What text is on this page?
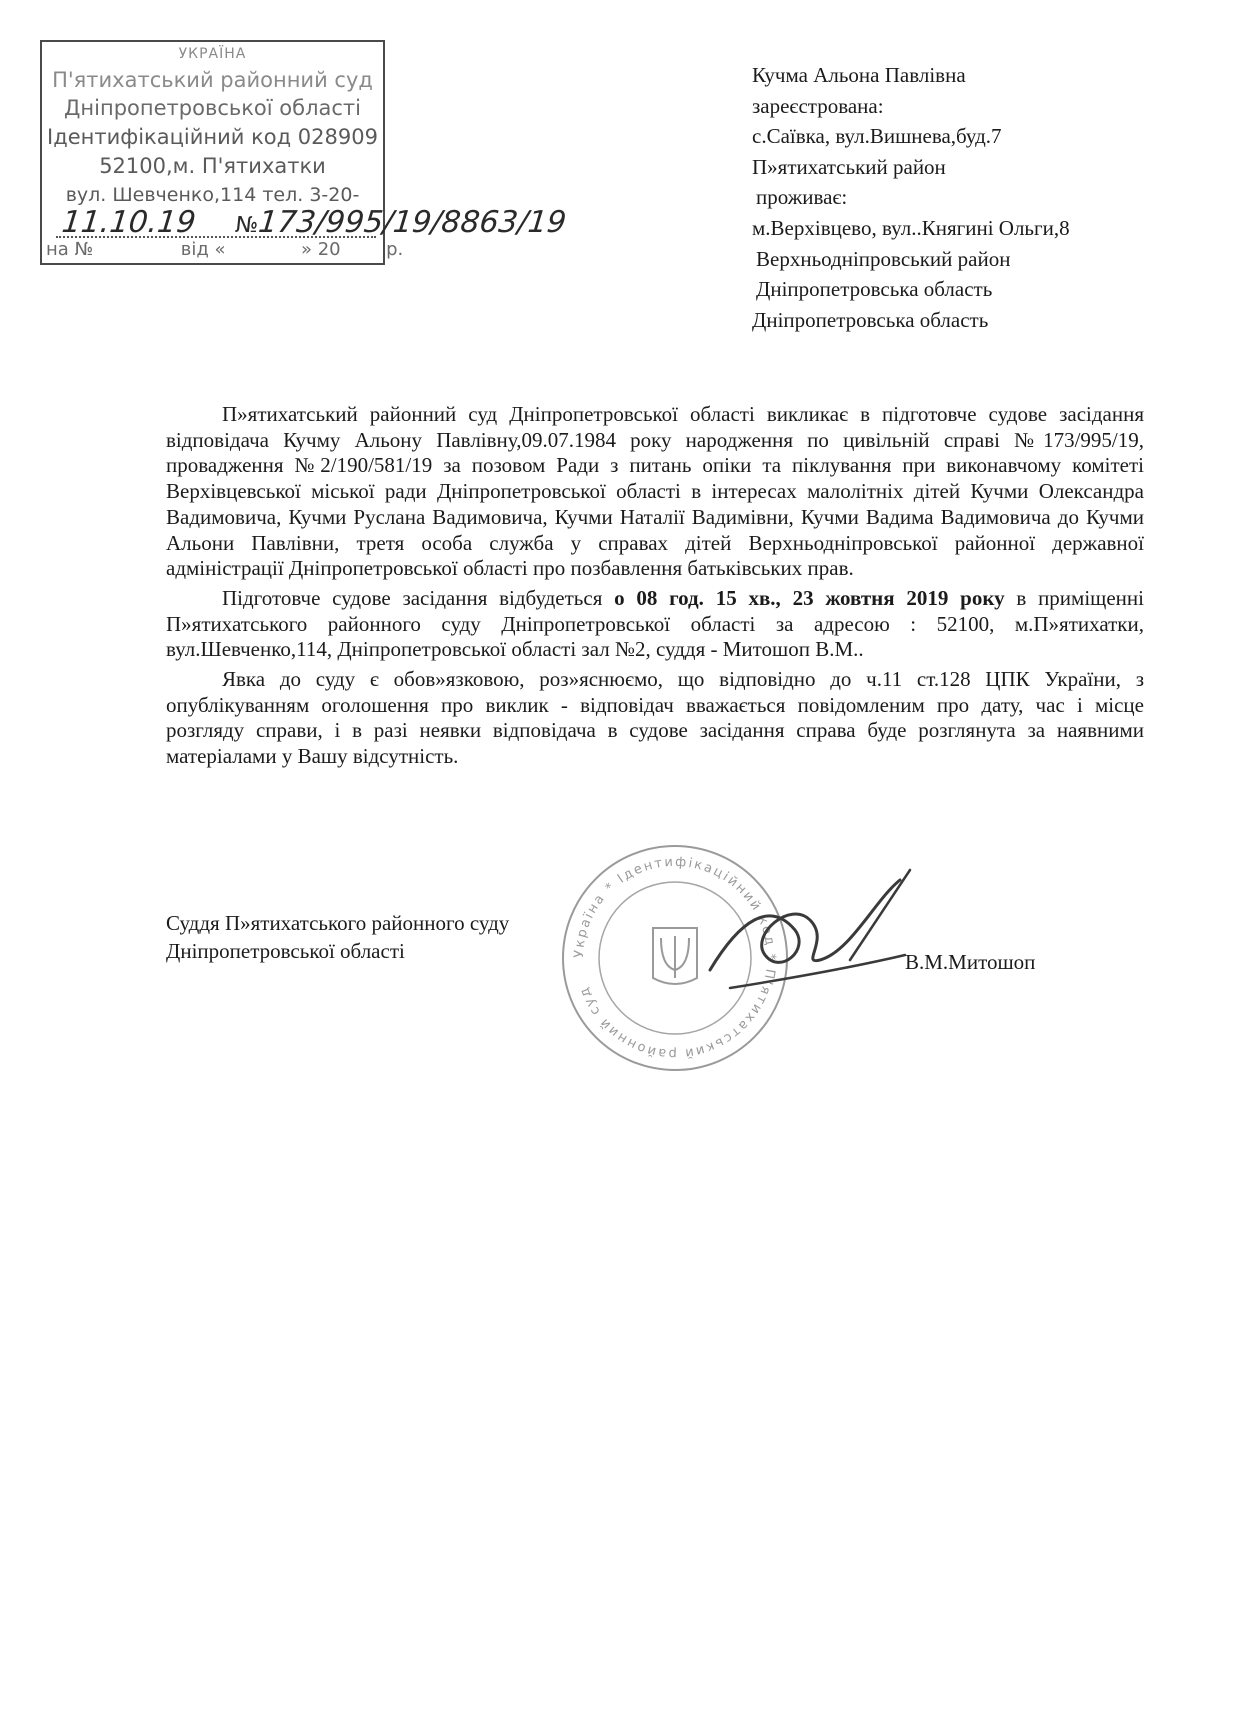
УКРАЇНА
П'ятихатський районний суд
Дніпропетровської області
Ідентифікаційний код 028909
52100,м. П'ятихатки
вул. Шевченко,114 тел. 3-20-
11.10.19 №173/995/19/8863/19
на №	від «	» 20	р.
Кучма Альона Павлівна
зареєстрована:
с.Саївка, вул.Вишнева,буд.7
П»ятихатський район
проживає:
м.Верхівцево, вул..Княгині Ольги,8
Верхньодніпровський район
Дніпропетровська область
Дніпропетровська область

П»ятихатський районний суд Дніпропетровської області викликає в підготовче судове засідання відповідача Кучму Альону Павлівну,09.07.1984 року народження по цивільній справі №173/995/19, провадження №2/190/581/19 за позовом Ради з питань опіки та піклування при виконавчому комітеті Верхівцевської міської ради Дніпропетровської області в інтересах малолітніх дітей Кучми Олександра Вадимовича, Кучми Руслана Вадимовича, Кучми Наталії Вадимівни, Кучми Вадима Вадимовича до Кучми Альони Павлівни, третя особа служба у справах дітей Верхньодніпровської районної державної адміністрації Дніпропетровської області про позбавлення батьківських прав.

Підготовче судове засідання відбудеться о 08 год. 15 хв., 23 жовтня 2019 року в приміщенні П»ятихатського районного суду Дніпропетровської області за адресою : 52100, м.П»ятихатки, вул.Шевченко,114, Дніпропетровської області зал №2, суддя - Митошоп В.М..

Явка до суду є обов»язковою, роз»яснюємо, що відповідно до ч.11 ст.128 ЦПК України, з опублікуванням оголошення про виклик - відповідач вважається повідомленим про дату, час і місце розгляду справи, і в разі неявки відповідача в судове засідання справа буде розглянута за наявними матеріалами у Вашу відсутність.

Україна * Ідентифікаційний код * П'ятихатський районний суд
Суддя П»ятихатського районного суду
Дніпропетровської області	В.М.Митошоп
